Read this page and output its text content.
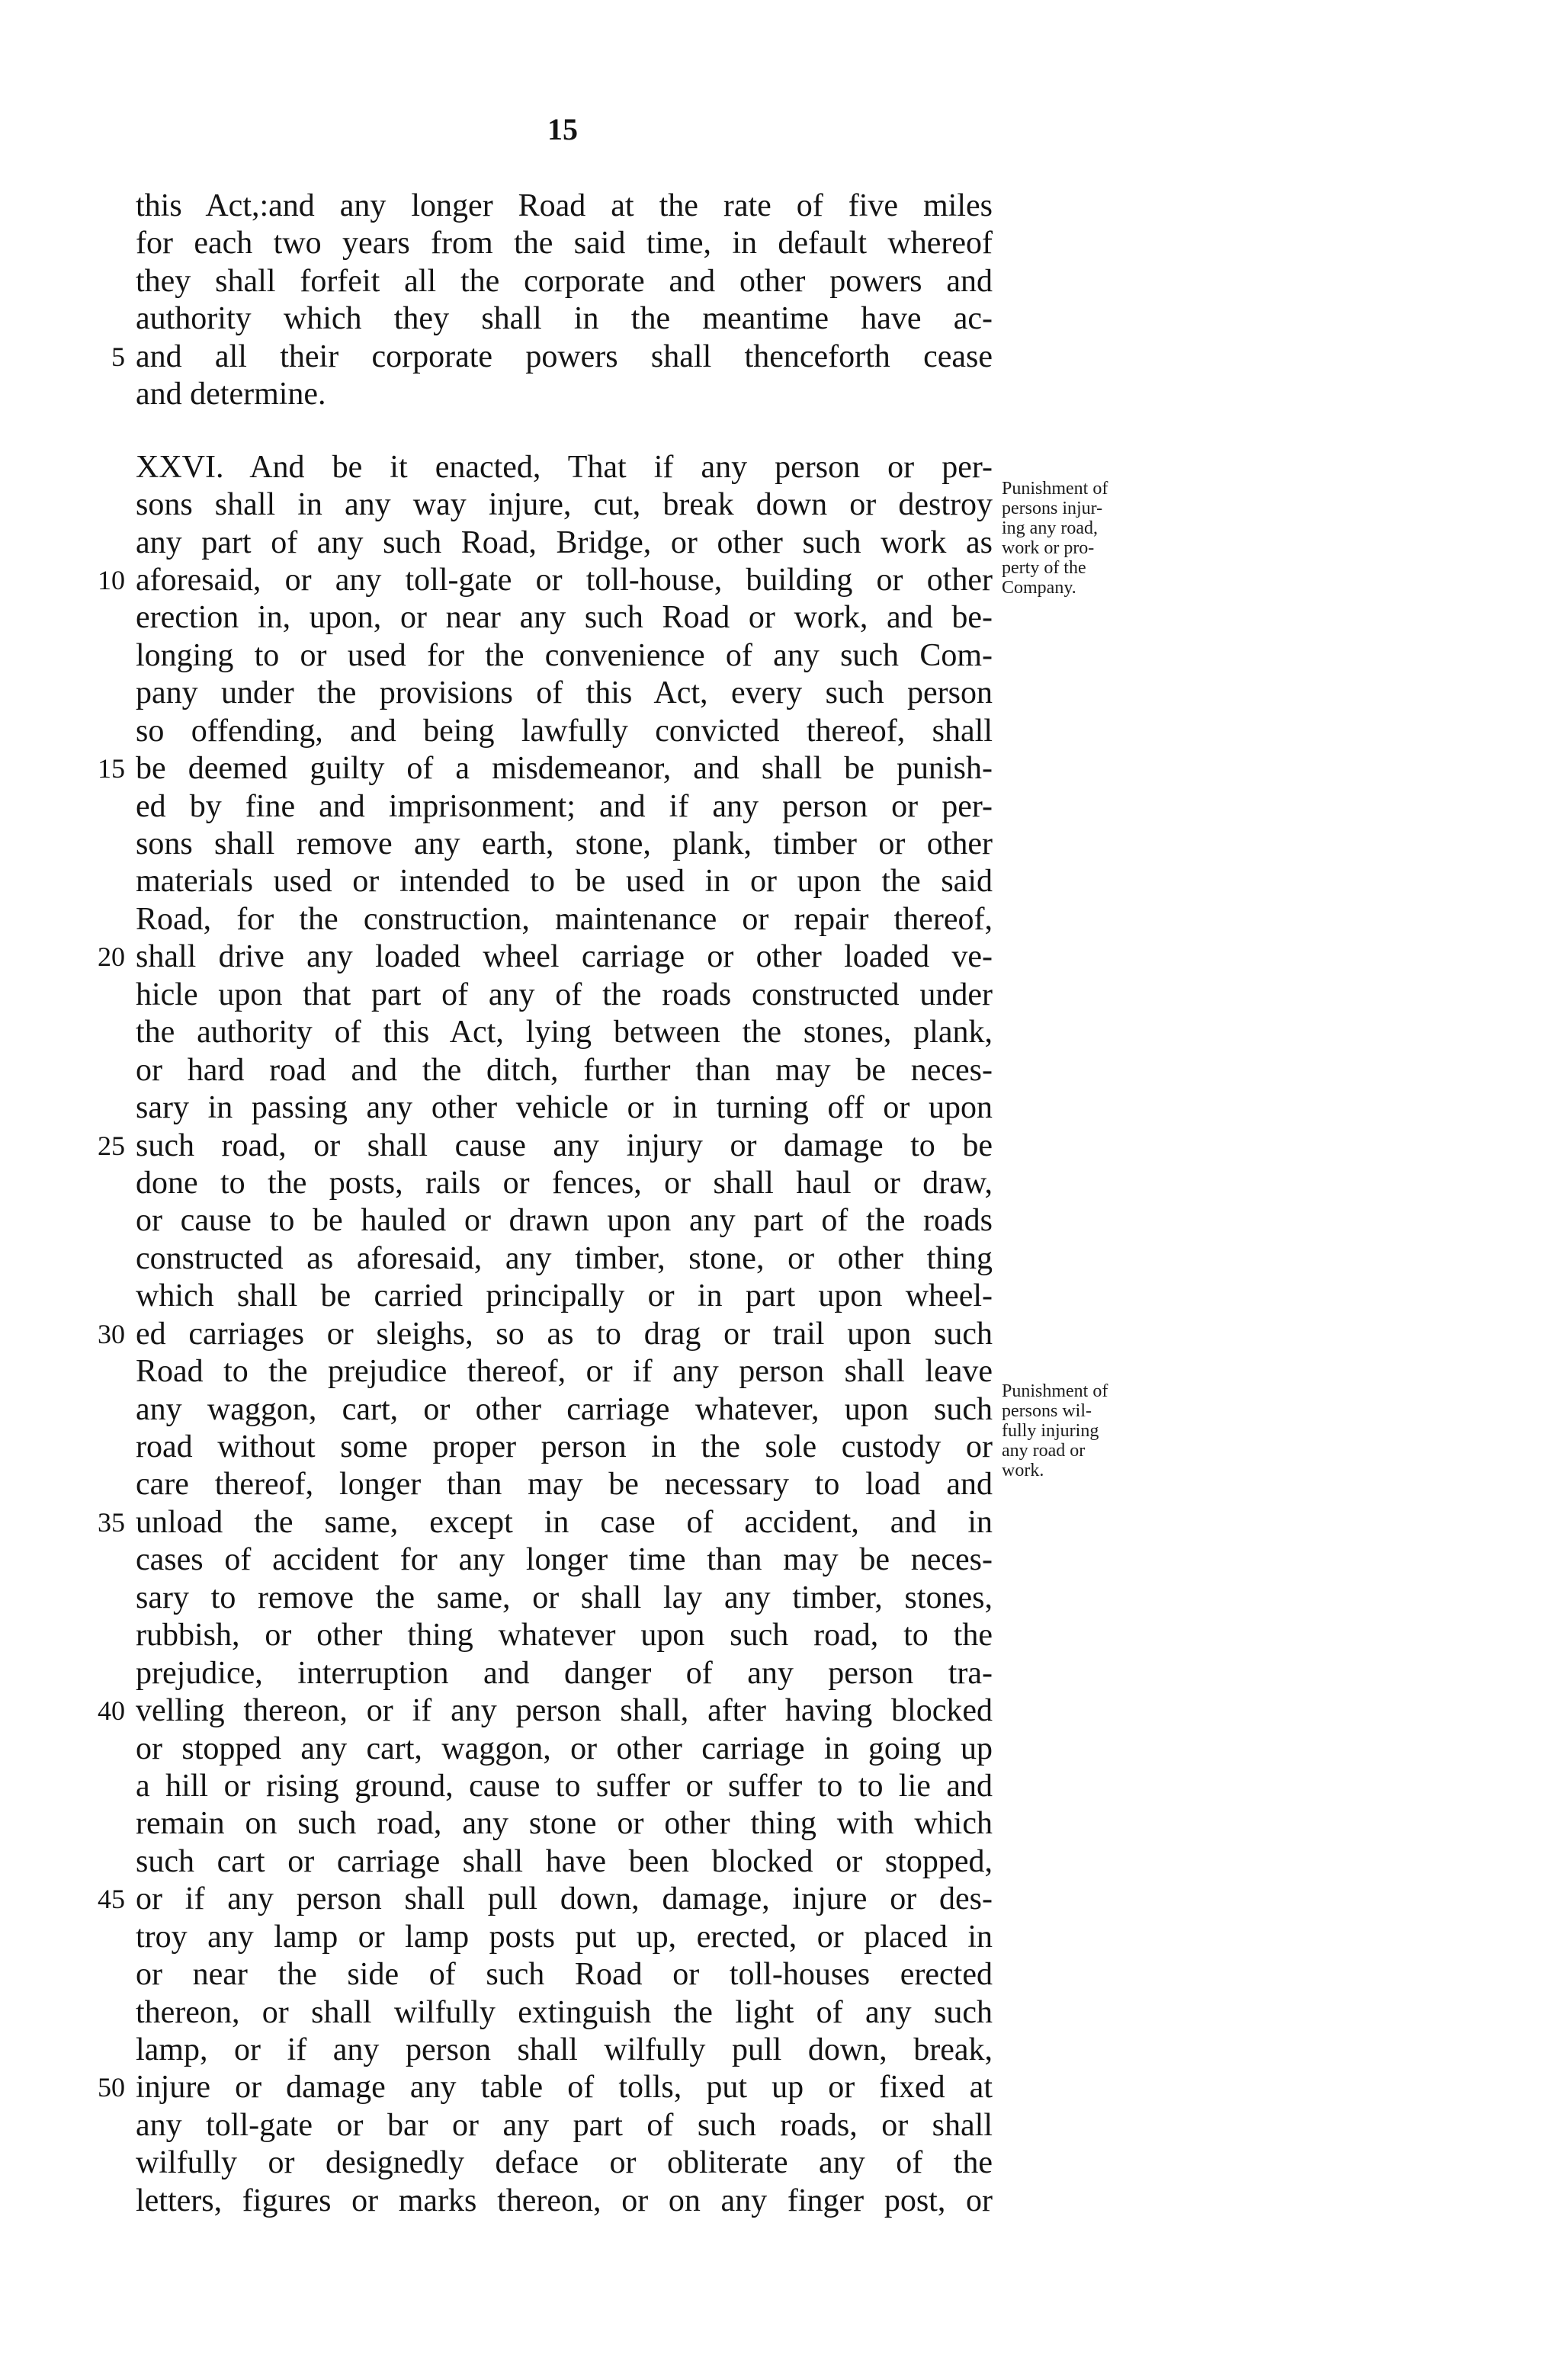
15
this Act,:and any longer Road at the rate of five miles
for each two years from the said time, in default whereof
they shall forfeit all the corporate and other powers and
authority which they shall in the meantime have ac-
5 and all their corporate powers shall thenceforth cease
and determine.
XXVI. And be it enacted, That if any person or per-
sons shall in any way injure, cut, break down or destroy
any part of any such Road, Bridge, or other such work as
10 aforesaid, or any toll-gate or toll-house, building or other
erection in, upon, or near any such Road or work, and be-
longing to or used for the convenience of any such Com-
pany under the provisions of this Act, every such person
so offending, and being lawfully convicted thereof, shall
15 be deemed guilty of a misdemeanor, and shall be punish-
ed by fine and imprisonment; and if any person or per-
sons shall remove any earth, stone, plank, timber or other
materials used or intended to be used in or upon the said
Road, for the construction, maintenance or repair thereof,
20 shall drive any loaded wheel carriage or other loaded ve-
hicle upon that part of any of the roads constructed under
the authority of this Act, lying between the stones, plank,
or hard road and the ditch, further than may be neces-
sary in passing any other vehicle or in turning off or upon
25 such road, or shall cause any injury or damage to be
done to the posts, rails or fences, or shall haul or draw,
or cause to be hauled or drawn upon any part of the roads
constructed as aforesaid, any timber, stone, or other thing
which shall be carried principally or in part upon wheel-
30 ed carriages or sleighs, so as to drag or trail upon such
Road to the prejudice thereof, or if any person shall leave
any waggon, cart, or other carriage whatever, upon such
road without some proper person in the sole custody or
care thereof, longer than may be necessary to load and
35 unload the same, except in case of accident, and in
cases of accident for any longer time than may be neces-
sary to remove the same, or shall lay any timber, stones,
rubbish, or other thing whatever upon such road, to the
prejudice, interruption and danger of any person tra-
40 velling thereon, or if any person shall, after having blocked
or stopped any cart, waggon, or other carriage in going up
a hill or rising ground, cause to suffer or suffer to to lie and
remain on such road, any stone or other thing with which
such cart or carriage shall have been blocked or stopped,
45 or if any person shall pull down, damage, injure or des-
troy any lamp or lamp posts put up, erected, or placed in
or near the side of such Road or toll-houses erected
thereon, or shall wilfully extinguish the light of any such
lamp, or if any person shall wilfully pull down, break,
50 injure or damage any table of tolls, put up or fixed at
any toll-gate or bar or any part of such roads, or shall
wilfully or designedly deface or obliterate any of the
letters, figures or marks thereon, or on any finger post, or
Punishment of
persons injur-
ing any road,
work or pro-
perty of the
Company.
Punishment of
persons wil-
fully injuring
any road or
work.
